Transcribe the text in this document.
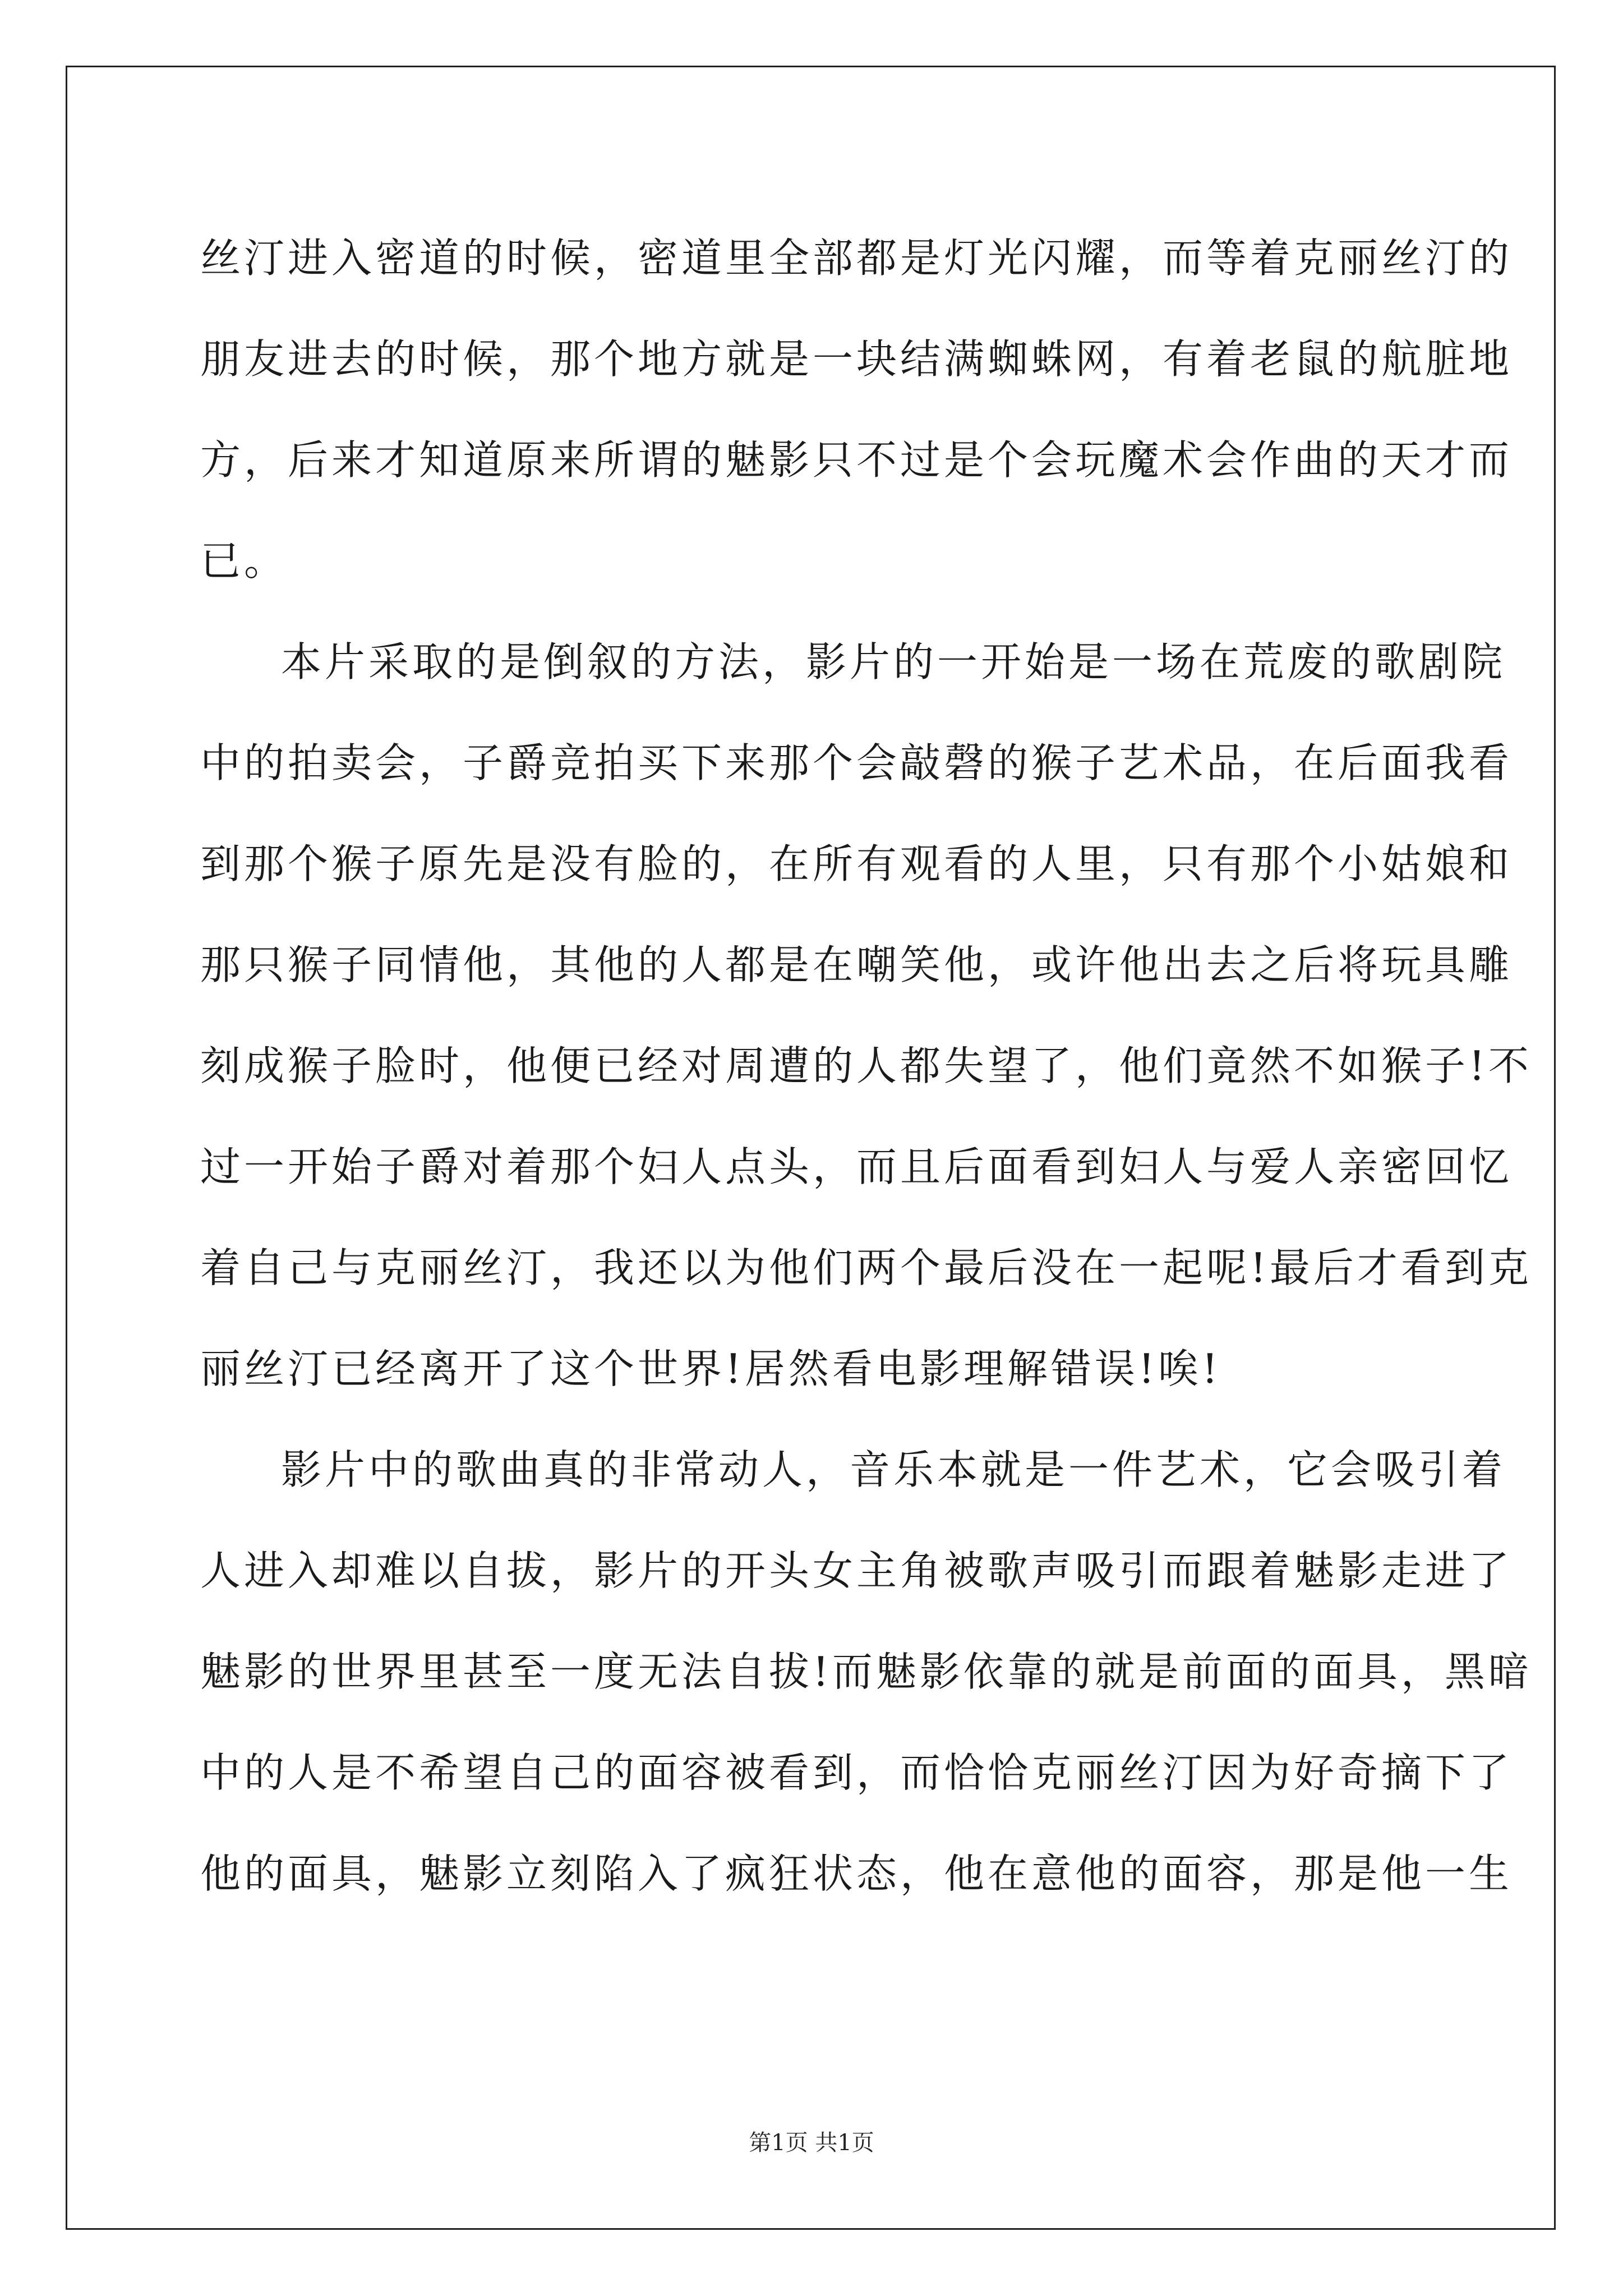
丝汀进入密道的时候，密道里全部都是灯光闪耀，而等着克丽丝汀的
朋友进去的时候，那个地方就是一块结满蜘蛛网，有着老鼠的航脏地
方，后来才知道原来所谓的魅影只不过是个会玩魔术会作曲的天才而
已。
本片采取的是倒叙的方法，影片的一开始是一场在荒废的歌剧院
中的拍卖会，子爵竞拍买下来那个会敲磬的猴子艺术品，在后面我看
到那个猴子原先是没有脸的，在所有观看的人里，只有那个小姑娘和
那只猴子同情他，其他的人都是在嘲笑他，或许他出去之后将玩具雕
刻成猴子脸时，他便已经对周遭的人都失望了，他们竟然不如猴子!不
过一开始子爵对着那个妇人点头，而且后面看到妇人与爱人亲密回忆
着自己与克丽丝汀，我还以为他们两个最后没在一起呢!最后才看到克
丽丝汀已经离开了这个世界!居然看电影理解错误!唉!
影片中的歌曲真的非常动人，音乐本就是一件艺术，它会吸引着
人进入却难以自拔，影片的开头女主角被歌声吸引而跟着魅影走进了
魅影的世界里甚至一度无法自拔!而魅影依靠的就是前面的面具，黑暗
中的人是不希望自己的面容被看到，而恰恰克丽丝汀因为好奇摘下了
他的面具，魅影立刻陷入了疯狂状态，他在意他的面容，那是他一生
第1页 共1页
